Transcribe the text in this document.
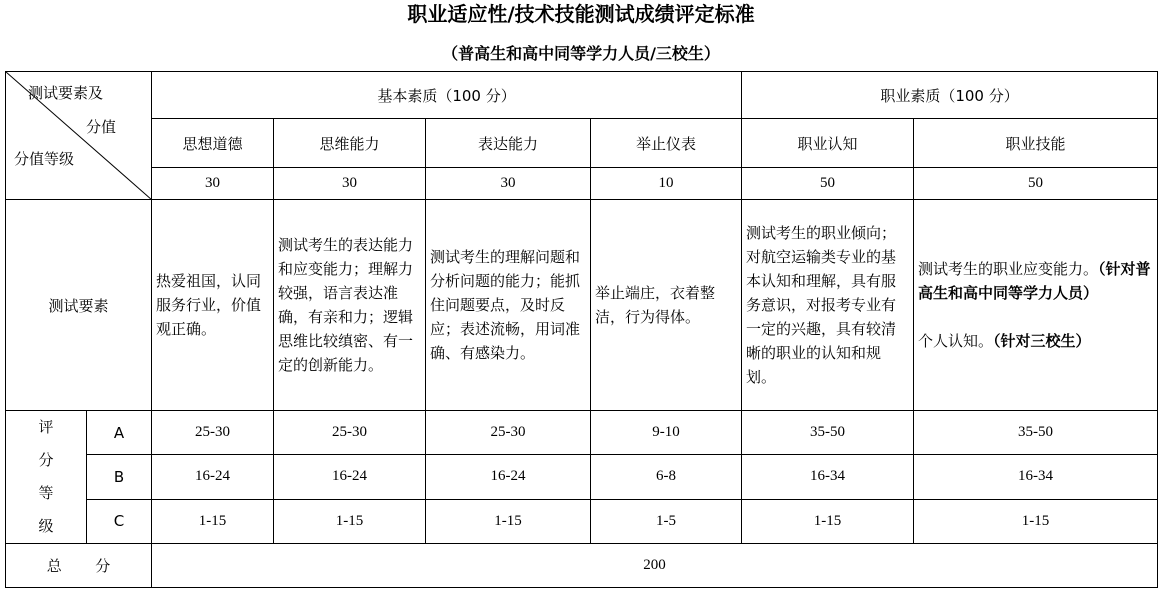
职业适应性/技术技能测试成绩评定标准
（普高生和高中同等学力人员/三校生）
测试要素及
分值
分值等级		基本素质（100 分）				职业素质（100 分）	
		思想道德	思维能力	表达能力	举止仪表	职业认知	职业技能
		30	30	30	10	50	50
测试要素		热爱祖国，认同服务行业，价值观正确。	测试考生的表达能力和应变能力；理解力较强，语言表达准确，有亲和力；逻辑思维比较缜密、有一定的创新能力。	测试考生的理解问题和分析问题的能力；能抓住问题要点，及时反应；表述流畅，用词准确、有感染力。	举止端庄，衣着整洁，行为得体。	测试考生的职业倾向；对航空运输类专业的基本认知和理解，具有服务意识，对报考专业有一定的兴趣，具有较清晰的职业的认知和规划。	测试考生的职业应变能力。（针对普高生和高中同等学力人员）

个人认知。（针对三校生）
评
分
等
级	A	25-30	25-30	25-30	9-10	35-50	35-50
	B	16-24	16-24	16-24	6-8	16-34	16-34
	C	1-15	1-15	1-15	1-5	1-15	1-15
总 分		200					
